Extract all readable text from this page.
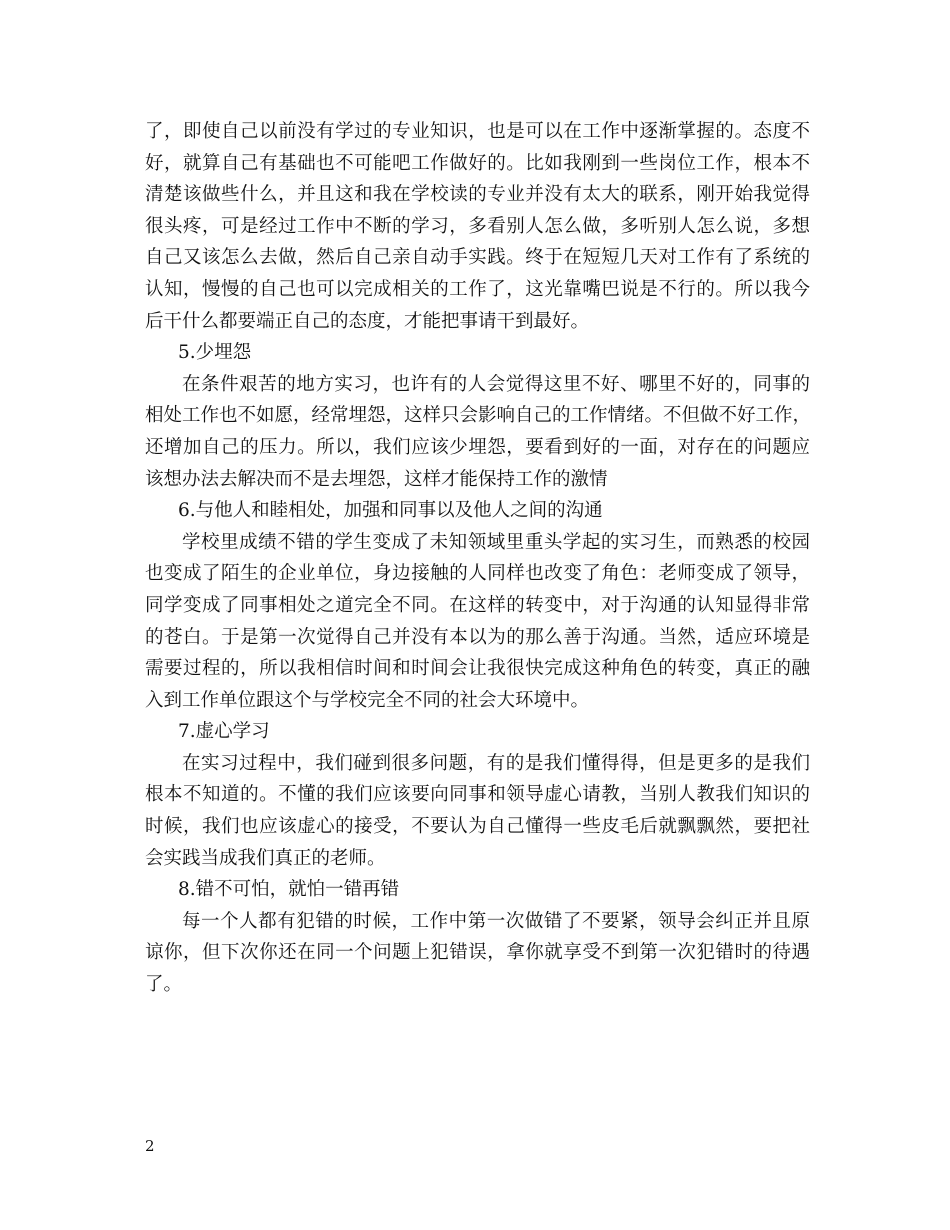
了，即使自己以前没有学过的专业知识，也是可以在工作中逐渐掌握的。态度不
好，就算自己有基础也不可能吧工作做好的。比如我刚到一些岗位工作，根本不
清楚该做些什么，并且这和我在学校读的专业并没有太大的联系，刚开始我觉得
很头疼，可是经过工作中不断的学习，多看别人怎么做，多听别人怎么说，多想
自己又该怎么去做，然后自己亲自动手实践。终于在短短几天对工作有了系统的
认知，慢慢的自己也可以完成相关的工作了，这光靠嘴巴说是不行的。所以我今
后干什么都要端正自己的态度，才能把事请干到最好。
5.少埋怨
在条件艰苦的地方实习，也许有的人会觉得这里不好、哪里不好的，同事的
相处工作也不如愿，经常埋怨，这样只会影响自己的工作情绪。不但做不好工作，
还增加自己的压力。所以，我们应该少埋怨，要看到好的一面，对存在的问题应
该想办法去解决而不是去埋怨，这样才能保持工作的激情
6.与他人和睦相处，加强和同事以及他人之间的沟通
学校里成绩不错的学生变成了未知领域里重头学起的实习生，而熟悉的校园
也变成了陌生的企业单位，身边接触的人同样也改变了角色：老师变成了领导，
同学变成了同事相处之道完全不同。在这样的转变中，对于沟通的认知显得非常
的苍白。于是第一次觉得自己并没有本以为的那么善于沟通。当然，适应环境是
需要过程的，所以我相信时间和时间会让我很快完成这种角色的转变，真正的融
入到工作单位跟这个与学校完全不同的社会大环境中。
7.虚心学习
在实习过程中，我们碰到很多问题，有的是我们懂得得，但是更多的是我们
根本不知道的。不懂的我们应该要向同事和领导虚心请教，当别人教我们知识的
时候，我们也应该虚心的接受，不要认为自己懂得一些皮毛后就飘飘然，要把社
会实践当成我们真正的老师。
8.错不可怕，就怕一错再错
每一个人都有犯错的时候，工作中第一次做错了不要紧，领导会纠正并且原
谅你，但下次你还在同一个问题上犯错误，拿你就享受不到第一次犯错时的待遇
了。
2
